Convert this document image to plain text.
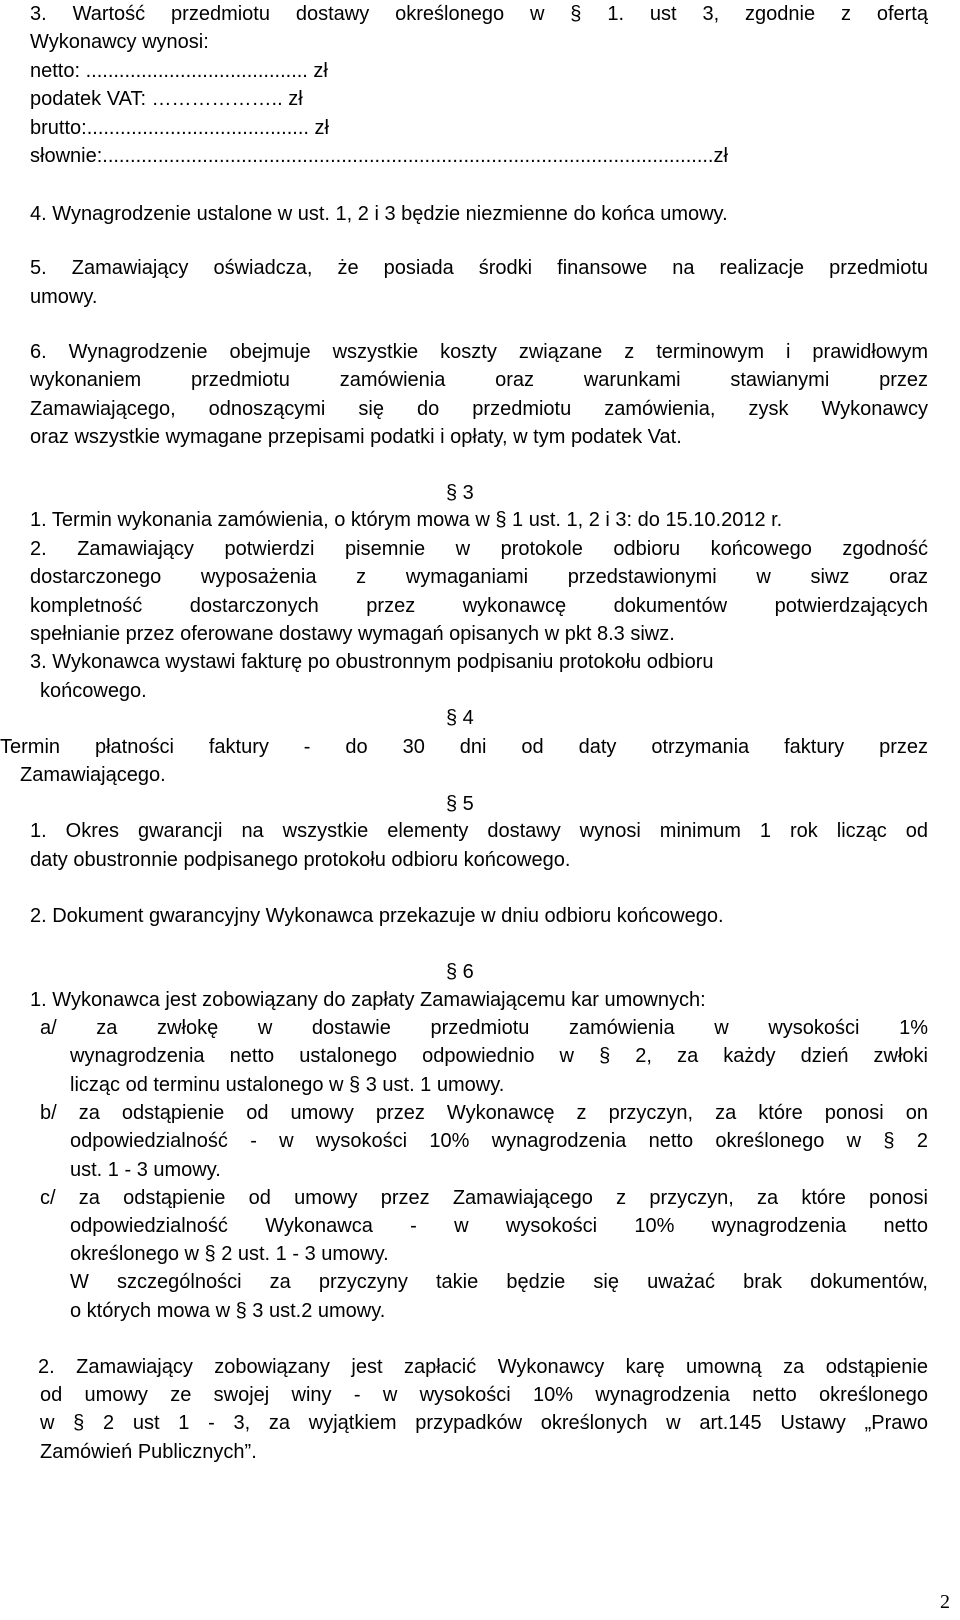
3. Wartość przedmiotu dostawy określonego w § 1. ust 3, zgodnie z ofertą
Wykonawcy wynosi:
netto: ........................................ zł
podatek VAT: ……………….. zł
brutto:........................................ zł
słownie:..............................................................................................................zł
4. Wynagrodzenie ustalone w ust. 1, 2 i 3 będzie niezmienne do końca umowy.
5. Zamawiający oświadcza, że posiada środki finansowe na realizacje przedmiotu
umowy.
6. Wynagrodzenie obejmuje wszystkie koszty związane z terminowym i prawidłowym
wykonaniem przedmiotu zamówienia oraz warunkami stawianymi przez
Zamawiającego, odnoszącymi się do przedmiotu zamówienia, zysk Wykonawcy
oraz wszystkie wymagane przepisami podatki i opłaty, w tym podatek Vat.
§ 3
1. Termin wykonania zamówienia, o którym mowa w § 1 ust. 1, 2 i 3: do 15.10.2012 r.
2. Zamawiający potwierdzi pisemnie w protokole odbioru końcowego zgodność
dostarczonego wyposażenia z wymaganiami przedstawionymi w siwz oraz
kompletność dostarczonych przez wykonawcę dokumentów potwierdzających
spełnianie przez oferowane dostawy wymagań opisanych w pkt 8.3 siwz.
3. Wykonawca wystawi fakturę po obustronnym podpisaniu protokołu odbioru
końcowego.
§ 4
Termin płatności faktury - do 30 dni od daty otrzymania faktury przez
Zamawiającego.
§ 5
1. Okres gwarancji na wszystkie elementy dostawy wynosi minimum 1 rok licząc od
daty obustronnie podpisanego protokołu odbioru końcowego.
2. Dokument gwarancyjny Wykonawca przekazuje w dniu odbioru końcowego.
§ 6
1. Wykonawca jest zobowiązany do zapłaty Zamawiającemu kar umownych:
a/ za zwłokę w dostawie przedmiotu zamówienia w wysokości 1%
wynagrodzenia netto ustalonego odpowiednio w § 2, za każdy dzień zwłoki
licząc od terminu ustalonego w § 3 ust. 1 umowy.
b/ za odstąpienie od umowy przez Wykonawcę z przyczyn, za które ponosi on
odpowiedzialność - w wysokości 10% wynagrodzenia netto określonego w § 2
ust. 1 - 3 umowy.
c/ za odstąpienie od umowy przez Zamawiającego z przyczyn, za które ponosi
odpowiedzialność Wykonawca - w wysokości 10% wynagrodzenia netto
określonego w § 2 ust. 1 - 3 umowy.
W szczególności za przyczyny takie będzie się uważać brak dokumentów,
o których mowa w § 3 ust.2 umowy.
2. Zamawiający zobowiązany jest zapłacić Wykonawcy karę umowną za odstąpienie
od umowy ze swojej winy - w wysokości 10% wynagrodzenia netto określonego
w § 2 ust 1 - 3, za wyjątkiem przypadków określonych w art.145 Ustawy „Prawo
Zamówień Publicznych”.
2
